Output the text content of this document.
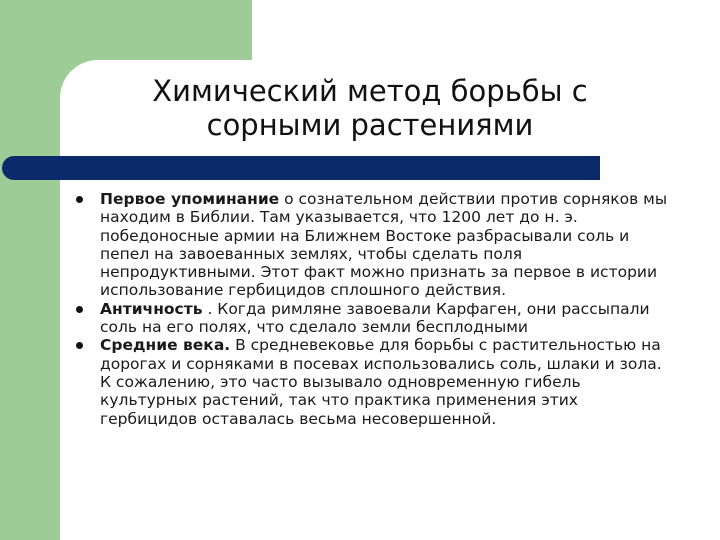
Химический метод борьбы с
сорными растениями
Первое упоминание о сознательном действии против сорняков мы находим в Библии. Там указывается, что 1200 лет до н. э. победоносные армии на Ближнем Востоке разбрасывали соль и пепел на завоеванных землях, чтобы сделать поля непродуктивными. Этот факт можно признать за первое в истории использование гербицидов сплошного действия.
Античность . Когда римляне завоевали Карфаген, они рассыпали соль на его полях, что сделало земли бесплодными
Средние века. В средневековье для борьбы с растительностью на дорогах и сорняками в посевах использовались соль, шлаки и зола. К сожалению, это часто вызывало одновременную гибель культурных растений, так что практика применения этих гербицидов оставалась весьма несовершенной.
